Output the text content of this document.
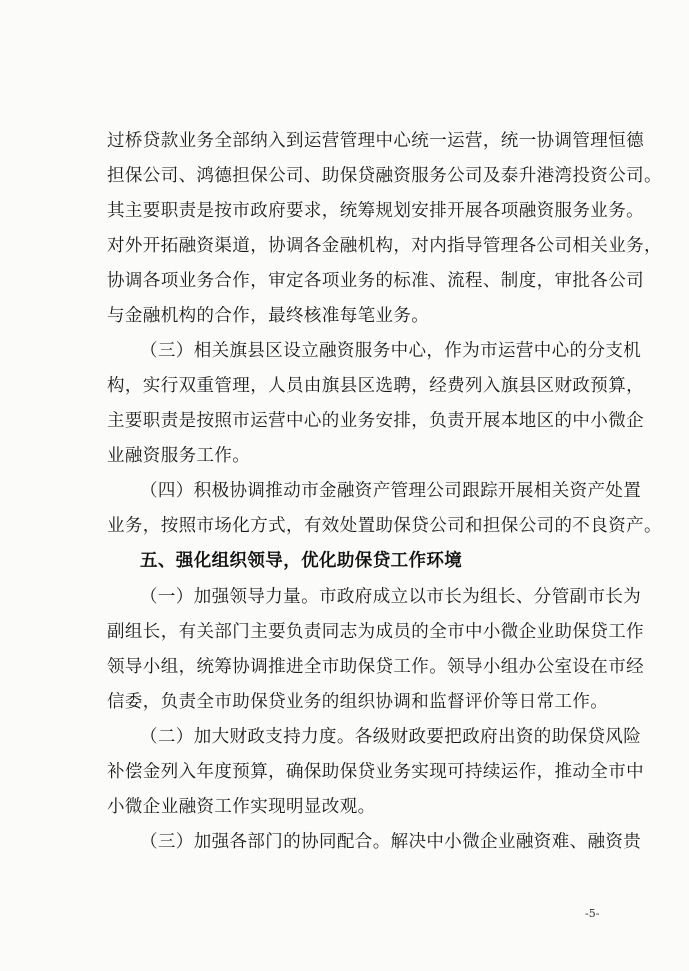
过桥贷款业务全部纳入到运营管理中心统一运营，统一协调管理恒德
担保公司、鸿德担保公司、助保贷融资服务公司及泰升港湾投资公司。
其主要职责是按市政府要求，统筹规划安排开展各项融资服务业务。
对外开拓融资渠道，协调各金融机构，对内指导管理各公司相关业务，
协调各项业务合作，审定各项业务的标准、流程、制度，审批各公司
与金融机构的合作，最终核准每笔业务。
（三）相关旗县区设立融资服务中心，作为市运营中心的分支机
构，实行双重管理，人员由旗县区选聘，经费列入旗县区财政预算，
主要职责是按照市运营中心的业务安排，负责开展本地区的中小微企
业融资服务工作。
（四）积极协调推动市金融资产管理公司跟踪开展相关资产处置
业务，按照市场化方式，有效处置助保贷公司和担保公司的不良资产。
五、强化组织领导，优化助保贷工作环境
（一）加强领导力量。市政府成立以市长为组长、分管副市长为
副组长，有关部门主要负责同志为成员的全市中小微企业助保贷工作
领导小组，统筹协调推进全市助保贷工作。领导小组办公室设在市经
信委，负责全市助保贷业务的组织协调和监督评价等日常工作。
（二）加大财政支持力度。各级财政要把政府出资的助保贷风险
补偿金列入年度预算，确保助保贷业务实现可持续运作，推动全市中
小微企业融资工作实现明显改观。
（三）加强各部门的协同配合。解决中小微企业融资难、融资贵
-5-
